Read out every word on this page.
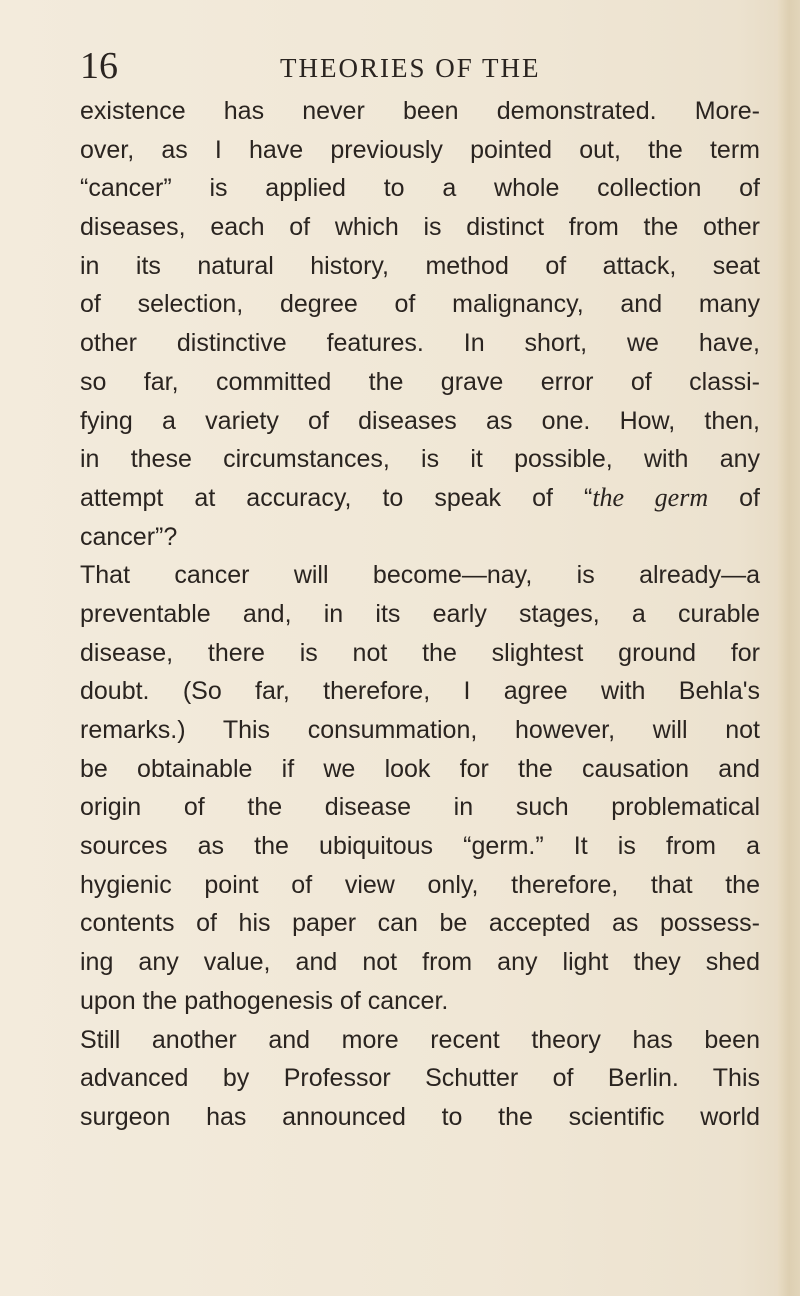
16	THEORIES OF THE
existence has never been demonstrated. More-
over, as I have previously pointed out, the term
“cancer” is applied to a whole collection of
diseases, each of which is distinct from the other
in its natural history, method of attack, seat
of selection, degree of malignancy, and many
other distinctive features. In short, we have,
so far, committed the grave error of classi-
fying a variety of diseases as one. How, then,
in these circumstances, is it possible, with any
attempt at accuracy, to speak of “the germ of
cancer”?
That cancer will become—nay, is already—a
preventable and, in its early stages, a curable
disease, there is not the slightest ground for
doubt. (So far, therefore, I agree with Behla's
remarks.) This consummation, however, will not
be obtainable if we look for the causation and
origin of the disease in such problematical
sources as the ubiquitous “germ.” It is from a
hygienic point of view only, therefore, that the
contents of his paper can be accepted as possess-
ing any value, and not from any light they shed
upon the pathogenesis of cancer.
Still another and more recent theory has been
advanced by Professor Schutter of Berlin. This
surgeon has announced to the scientific world
